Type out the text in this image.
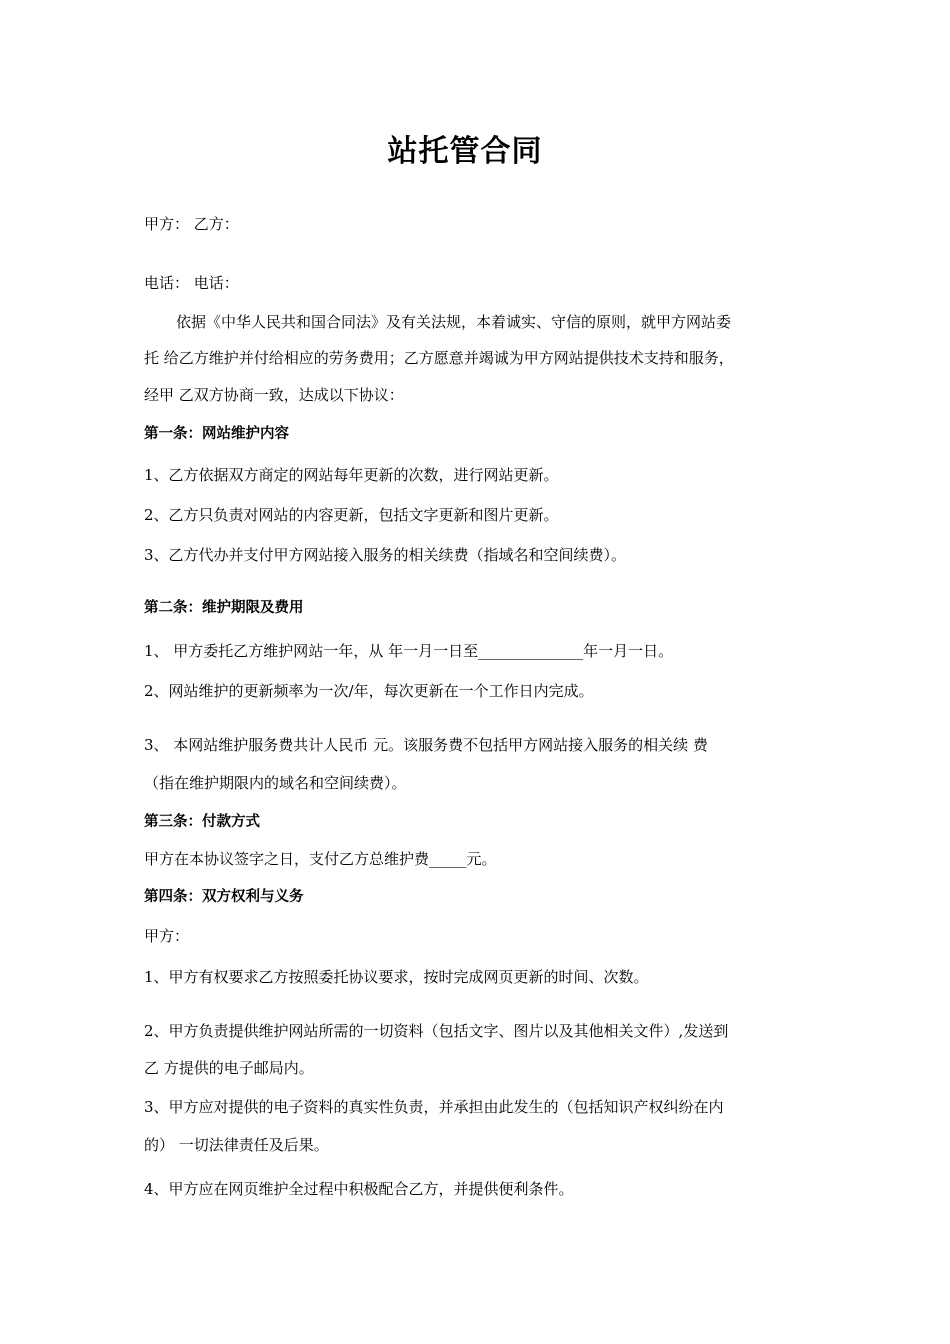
站托管合同
甲方： 乙方：
电话： 电话：
依据《中华人民共和国合同法》及有关法规，本着诚实、守信的原则，就甲方网站委
托 给乙方维护并付给相应的劳务费用；乙方愿意并竭诚为甲方网站提供技术支持和服务，
经甲 乙双方协商一致，达成以下协议：
第一条：网站维护内容
1、乙方依据双方商定的网站每年更新的次数，进行网站更新。
2、乙方只负责对网站的内容更新，包括文字更新和图片更新。
3、乙方代办并支付甲方网站接入服务的相关续费（指域名和空间续费）。
第二条：维护期限及费用
1、 甲方委托乙方维护网站一年，从 年一月一日至______________年一月一日。
2、网站维护的更新频率为一次/年，每次更新在一个工作日内完成。
3、 本网站维护服务费共计人民币 元。该服务费不包括甲方网站接入服务的相关续 费
（指在维护期限内的域名和空间续费）。
第三条：付款方式
甲方在本协议签字之日，支付乙方总维护费_____元。
第四条：双方权利与义务
甲方：
1、甲方有权要求乙方按照委托协议要求，按时完成网页更新的时间、次数。
2、甲方负责提供维护网站所需的一切资料（包括文字、图片以及其他相关文件）,发送到
乙 方提供的电子邮局内。
3、甲方应对提供的电子资料的真实性负责，并承担由此发生的（包括知识产权纠纷在内
的） 一切法律责任及后果。
4、甲方应在网页维护全过程中积极配合乙方，并提供便利条件。
